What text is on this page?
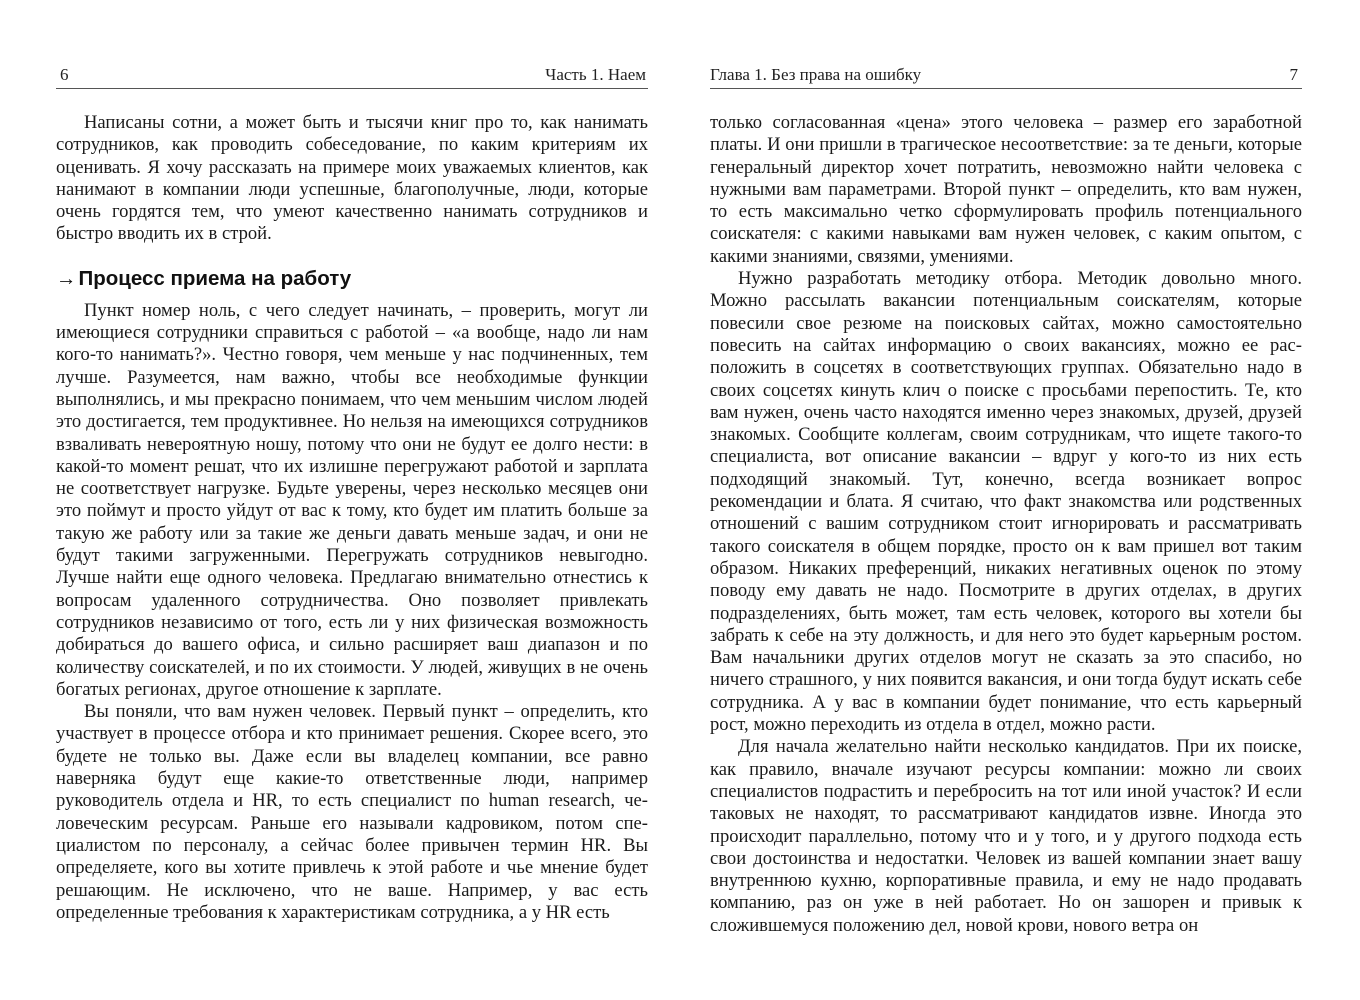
6	Часть 1. Наем

Написаны сотни, а может быть и тысячи книг про то, как нанимать сотрудников, как проводить собеседование, по каким критериям их оценивать. Я хочу рассказать на примере моих уважаемых клиентов, как нанимают в компании люди успешные, благополучные, люди, которые очень гордятся тем, что умеют качественно нанимать сотрудников и быстро вводить их в строй.

→Процесс приема на работу

Пункт номер ноль, с чего следует начинать, – проверить, могут ли имеющиеся сотрудники справиться с работой – «а вообще, надо ли нам кого-то нанимать?». Честно говоря, чем меньше у нас подчиненных, тем лучше. Разумеется, нам важно, чтобы все необходимые функции выполнялись, и мы прекрасно понимаем, что чем меньшим числом людей это достигается, тем продуктивнее. Но нельзя на имеющихся сотрудников взваливать невероятную ношу, потому что они не будут ее долго нести: в какой-то момент решат, что их излишне перегружают работой и зарплата не соответствует нагрузке. Будьте уверены, через несколько месяцев они это поймут и просто уйдут от вас к тому, кто будет им платить больше за такую же работу или за такие же деньги давать меньше задач, и они не будут такими загруженными. Перегружать сотрудников невыгодно. Лучше найти еще одного человека. Предлагаю внимательно отнестись к вопросам удаленного сотрудничества. Оно позволяет привлекать сотрудников независимо от того, есть ли у них физическая возможность добираться до вашего офиса, и сильно расширяет ваш диапазон и по количеству соискателей, и по их стоимости. У людей, живущих в не очень богатых регионах, другое отношение к зарплате.

Вы поняли, что вам нужен человек. Первый пункт – определить, кто участвует в процессе отбора и кто принимает решения. Скорее всего, это будете не только вы. Даже если вы владелец компании, все равно наверняка будут еще какие-то ответственные люди, например руководитель отдела и HR, то есть специалист по human research, человеческим ресурсам. Раньше его называли кадровиком, потом специалистом по персоналу, а сейчас более привычен термин HR. Вы определяете, кого вы хотите привлечь к этой работе и чье мнение будет решающим. Не исключено, что не ваше. Например, у вас есть определенные требования к характеристикам сотрудника, а у HR есть

Глава 1. Без права на ошибку	7

только согласованная «цена» этого человека – размер его заработной платы. И они пришли в трагическое несоответствие: за те деньги, которые генеральный директор хочет потратить, невозможно найти человека с нужными вам параметрами. Второй пункт – определить, кто вам нужен, то есть максимально четко сформулировать профиль потенциального соискателя: с какими навыками вам нужен человек, с каким опытом, с какими знаниями, связями, умениями.

Нужно разработать методику отбора. Методик довольно много. Можно рассылать вакансии потенциальным соискателям, которые повесили свое резюме на поисковых сайтах, можно самостоятельно повесить на сайтах информацию о своих вакансиях, можно ее расположить в соцсетях в соответствующих группах. Обязательно надо в своих соцсетях кинуть клич о поиске с просьбами перепостить. Те, кто вам нужен, очень часто находятся именно через знакомых, друзей, друзей знакомых. Сообщите коллегам, своим сотрудникам, что ищете такого-то специалиста, вот описание вакансии – вдруг у кого-то из них есть подходящий знакомый. Тут, конечно, всегда возникает вопрос рекомендации и блата. Я считаю, что факт знакомства или родственных отношений с вашим сотрудником стоит игнорировать и рассматривать такого соискателя в общем порядке, просто он к вам пришел вот таким образом. Никаких преференций, никаких негативных оценок по этому поводу ему давать не надо. Посмотрите в других отделах, в других подразделениях, быть может, там есть человек, которого вы хотели бы забрать к себе на эту должность, и для него это будет карьерным ростом. Вам начальники других отделов могут не сказать за это спасибо, но ничего страшного, у них появится вакансия, и они тогда будут искать себе сотрудника. А у вас в компании будет понимание, что есть карьерный рост, можно переходить из отдела в отдел, можно расти.

Для начала желательно найти несколько кандидатов. При их поиске, как правило, вначале изучают ресурсы компании: можно ли своих специалистов подрастить и перебросить на тот или иной участок? И если таковых не находят, то рассматривают кандидатов извне. Иногда это происходит параллельно, потому что и у того, и у другого подхода есть свои достоинства и недостатки. Человек из вашей компании знает вашу внутреннюю кухню, корпоративные правила, и ему не надо продавать компанию, раз он уже в ней работает. Но он зашорен и привык к сложившемуся положению дел, новой крови, нового ветра он
